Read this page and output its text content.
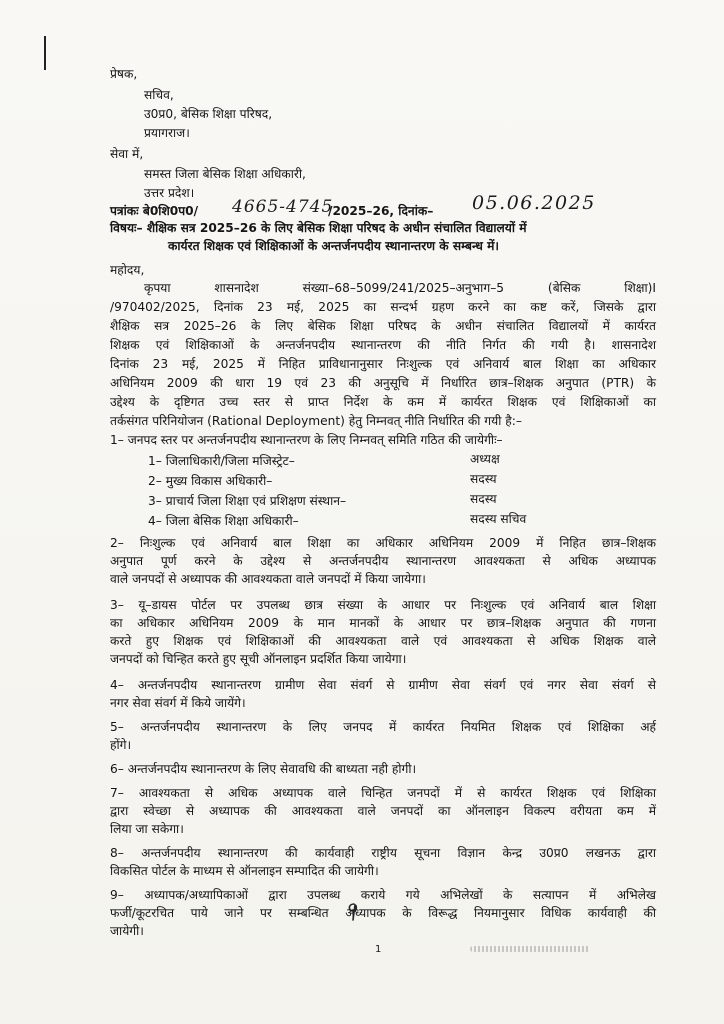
प्रेषक,
सचिव,
उ0प्र0, बेसिक शिक्षा परिषद,
प्रयागराज।
सेवा में,
समस्त जिला बेसिक शिक्षा अधिकारी,
उत्तर प्रदेश।
पत्रांकः बे0शि0प0/ 4665-4745
/2025–26, दिनांक– 05.06.2025
विषयः– शैक्षिक सत्र 2025–26 के लिए बेसिक शिक्षा परिषद के अधीन संचालित विद्यालयों में
कार्यरत शिक्षक एवं शिक्षिकाओं के अन्तर्जनपदीय स्थानान्तरण के सम्बन्ध में।
महोदय,
कृपया शासनादेश संख्या–68–5099/241/2025–अनुभाग–5 (बेसिक शिक्षा)I
/970402/2025, दिनांक 23 मई, 2025 का सन्दर्भ ग्रहण करने का कष्ट करें, जिसके द्वारा
शैक्षिक सत्र 2025–26 के लिए बेसिक शिक्षा परिषद के अधीन संचालित विद्यालयों में कार्यरत
शिक्षक एवं शिक्षिकाओं के अन्तर्जनपदीय स्थानान्तरण की नीति निर्गत की गयी है। शासनादेश
दिनांक 23 मई, 2025 में निहित प्राविधानानुसार निःशुल्क एवं अनिवार्य बाल शिक्षा का अधिकार
अधिनियम 2009 की धारा 19 एवं 23 की अनुसूचि में निर्धारित छात्र–शिक्षक अनुपात (PTR) के
उद्देश्य के दृष्टिगत उच्च स्तर से प्राप्त निर्देश के कम में कार्यरत शिक्षक एवं शिक्षिकाओं का
तर्कसंगत परिनियोजन (Rational Deployment) हेतु निम्नवत् नीति निर्धारित की गयी है:–
1– जनपद स्तर पर अन्तर्जनपदीय स्थानान्तरण के लिए निम्नवत् समिति गठित की जायेगीः–
1– जिलाधिकारी/जिला मजिस्ट्रेट–	अध्यक्ष
2– मुख्य विकास अधिकारी–	सदस्य
3– प्राचार्य जिला शिक्षा एवं प्रशिक्षण संस्थान–	सदस्य
4– जिला बेसिक शिक्षा अधिकारी–	सदस्य सचिव
2– निःशुल्क एवं अनिवार्य बाल शिक्षा का अधिकार अधिनियम 2009 में निहित छात्र–शिक्षक
अनुपात पूर्ण करने के उद्देश्य से अन्तर्जनपदीय स्थानान्तरण आवश्यकता से अधिक अध्यापक
वाले जनपदों से अध्यापक की आवश्यकता वाले जनपदों में किया जायेगा।
3– यू–डायस पोर्टल पर उपलब्ध छात्र संख्या के आधार पर निःशुल्क एवं अनिवार्य बाल शिक्षा
का अधिकार अधिनियम 2009 के मान मानकों के आधार पर छात्र–शिक्षक अनुपात की गणना
करते हुए शिक्षक एवं शिक्षिकाओं की आवश्यकता वाले एवं आवश्यकता से अधिक शिक्षक वाले
जनपदों को चिन्हित करते हुए सूची ऑनलाइन प्रदर्शित किया जायेगा।
4– अन्तर्जनपदीय स्थानान्तरण ग्रामीण सेवा संवर्ग से ग्रामीण सेवा संवर्ग एवं नगर सेवा संवर्ग से
नगर सेवा संवर्ग में किये जायेंगे।
5– अन्तर्जनपदीय स्थानान्तरण के लिए जनपद में कार्यरत नियमित शिक्षक एवं शिक्षिका अर्ह
होंगे।
6– अन्तर्जनपदीय स्थानान्तरण के लिए सेवावधि की बाध्यता नही होगी।
7– आवश्यकता से अधिक अध्यापक वाले चिन्हित जनपदों में से कार्यरत शिक्षक एवं शिक्षिका
द्वारा स्वेच्छा से अध्यापक की आवश्यकता वाले जनपदों का ऑनलाइन विकल्प वरीयता कम में
लिया जा सकेगा।
8– अन्तर्जनपदीय स्थानान्तरण की कार्यवाही राष्ट्रीय सूचना विज्ञान केन्द्र उ0प्र0 लखनऊ द्वारा
विकसित पोर्टल के माध्यम से ऑनलाइन सम्पादित की जायेगी।
9– अध्यापक/अध्यापिकाओं द्वारा उपलब्ध कराये गये अभिलेखों के सत्यापन में अभिलेख
फर्जी/कूटरचित पाये जाने पर सम्बन्धित अध्यापक के विरूद्ध नियमानुसार विधिक कार्यवाही की
जायेगी।
1
